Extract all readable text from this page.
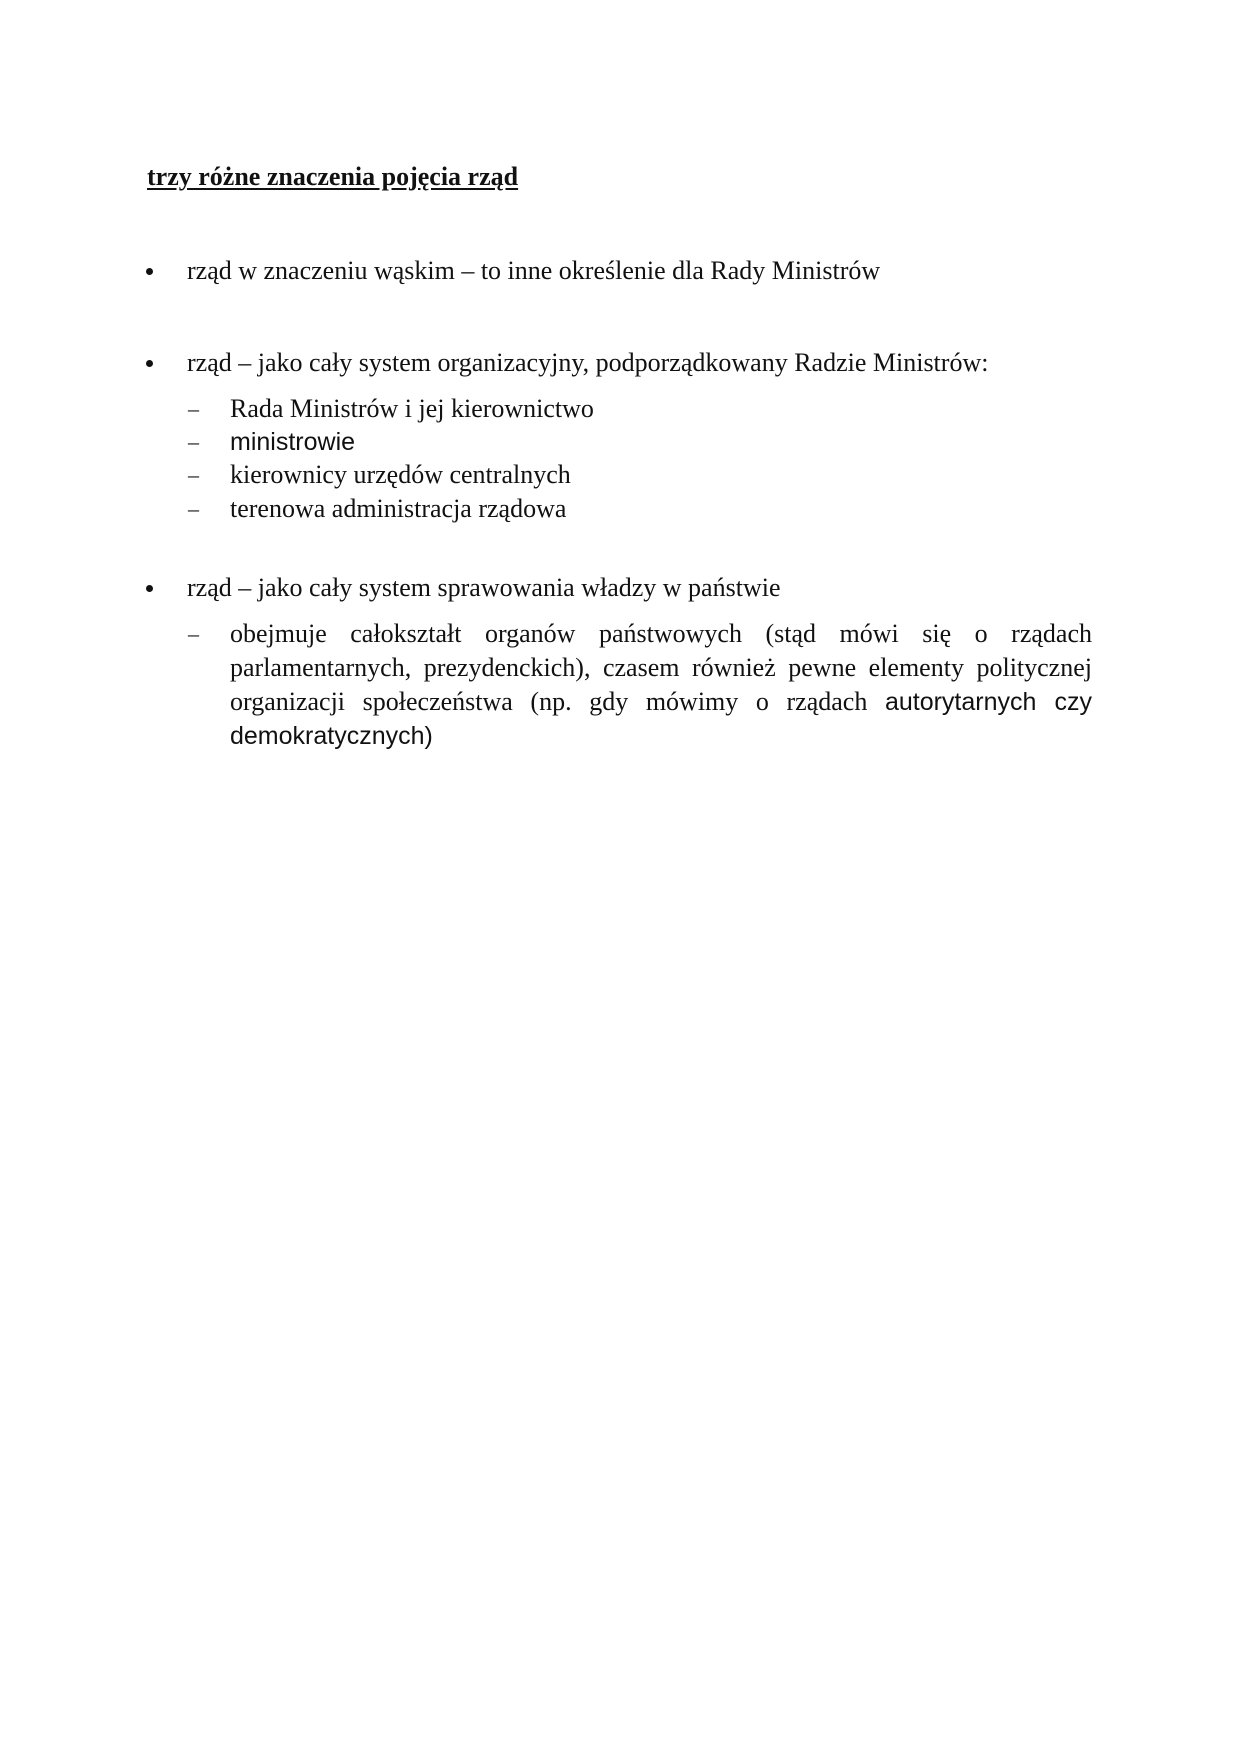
trzy różne znaczenia pojęcia rząd
rząd w znaczeniu wąskim – to inne określenie dla Rady Ministrów
rząd – jako cały system organizacyjny, podporządkowany Radzie Ministrów:
– Rada Ministrów i jej kierownictwo
– ministrowie
– kierownicy urzędów centralnych
– terenowa administracja rządowa
rząd – jako cały system sprawowania władzy w państwie
– obejmuje całokształt organów państwowych (stąd mówi się o rządach parlamentarnych, prezydenckich), czasem również pewne elementy politycznej organizacji społeczeństwa (np. gdy mówimy o rządach autorytarnych czy demokratycznych)
